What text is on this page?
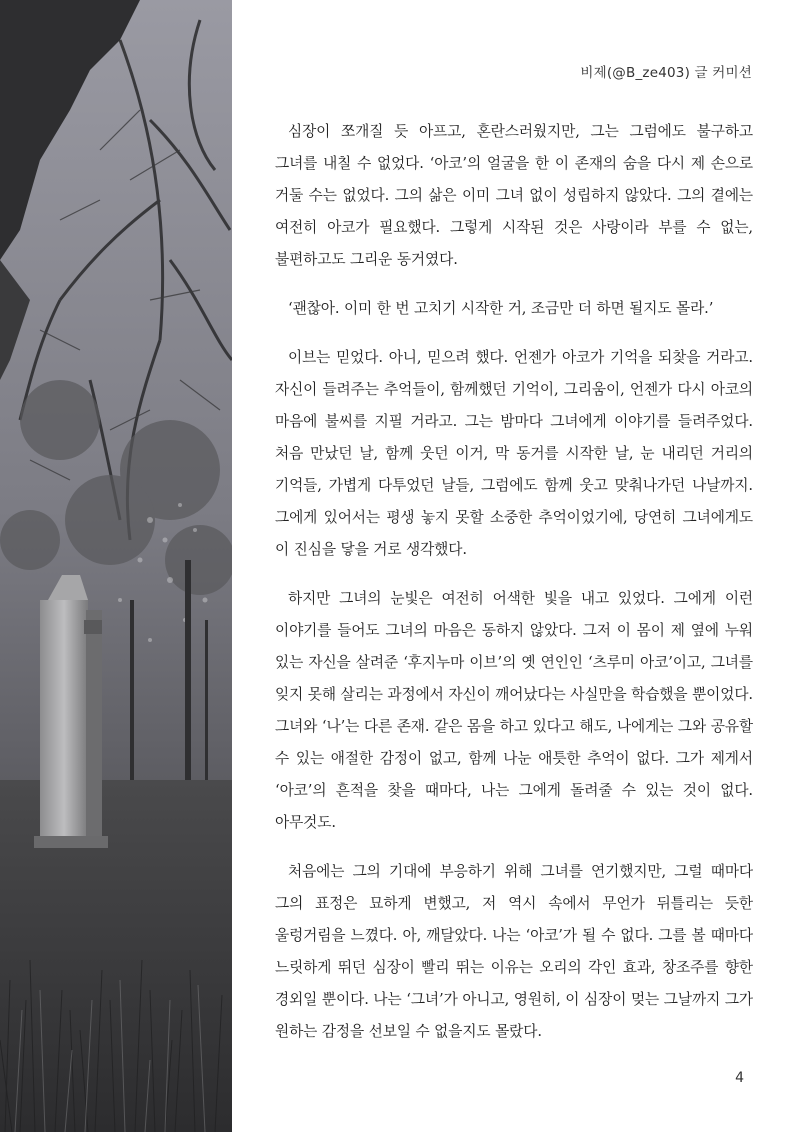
비제(@B_ze403) 글 커미션

심장이 쪼개질 듯 아프고, 혼란스러웠지만, 그는 그럼에도 불구하고 그녀를 내칠 수 없었다. ‘아코’의 얼굴을 한 이 존재의 숨을 다시 제 손으로 거둘 수는 없었다. 그의 삶은 이미 그녀 없이 성립하지 않았다. 그의 곁에는 여전히 아코가 필요했다. 그렇게 시작된 것은 사랑이라 부를 수 없는, 불편하고도 그리운 동거였다.

‘괜찮아. 이미 한 번 고치기 시작한 거, 조금만 더 하면 될지도 몰라.’

이브는 믿었다. 아니, 믿으려 했다. 언젠가 아코가 기억을 되찾을 거라고. 자신이 들려주는 추억들이, 함께했던 기억이, 그리움이, 언젠가 다시 아코의 마음에 불씨를 지필 거라고. 그는 밤마다 그녀에게 이야기를 들려주었다. 처음 만났던 날, 함께 웃던 이거, 막 동거를 시작한 날, 눈 내리던 거리의 기억들, 가볍게 다투었던 날들, 그럼에도 함께 웃고 맞춰나가던 나날까지. 그에게 있어서는 평생 놓지 못할 소중한 추억이었기에, 당연히 그녀에게도 이 진심을 닿을 거로 생각했다.

하지만 그녀의 눈빛은 여전히 어색한 빛을 내고 있었다. 그에게 이런 이야기를 들어도 그녀의 마음은 동하지 않았다. 그저 이 몸이 제 옆에 누워 있는 자신을 살려준 ‘후지누마 이브’의 옛 연인인 ‘츠루미 아코’이고, 그녀를 잊지 못해 살리는 과정에서 자신이 깨어났다는 사실만을 학습했을 뿐이었다. 그녀와 ‘나’는 다른 존재. 같은 몸을 하고 있다고 해도, 나에게는 그와 공유할 수 있는 애절한 감정이 없고, 함께 나눈 애틋한 추억이 없다. 그가 제게서 ‘아코’의 흔적을 찾을 때마다, 나는 그에게 돌려줄 수 있는 것이 없다. 아무것도.

처음에는 그의 기대에 부응하기 위해 그녀를 연기했지만, 그럴 때마다 그의 표정은 묘하게 변했고, 저 역시 속에서 무언가 뒤틀리는 듯한 울렁거림을 느꼈다. 아, 깨달았다. 나는 ‘아코’가 될 수 없다. 그를 볼 때마다 느릿하게 뛰던 심장이 빨리 뛰는 이유는 오리의 각인 효과, 창조주를 향한 경외일 뿐이다. 나는 ‘그녀’가 아니고, 영원히, 이 심장이 멎는 그날까지 그가 원하는 감정을 선보일 수 없을지도 몰랐다.

4
